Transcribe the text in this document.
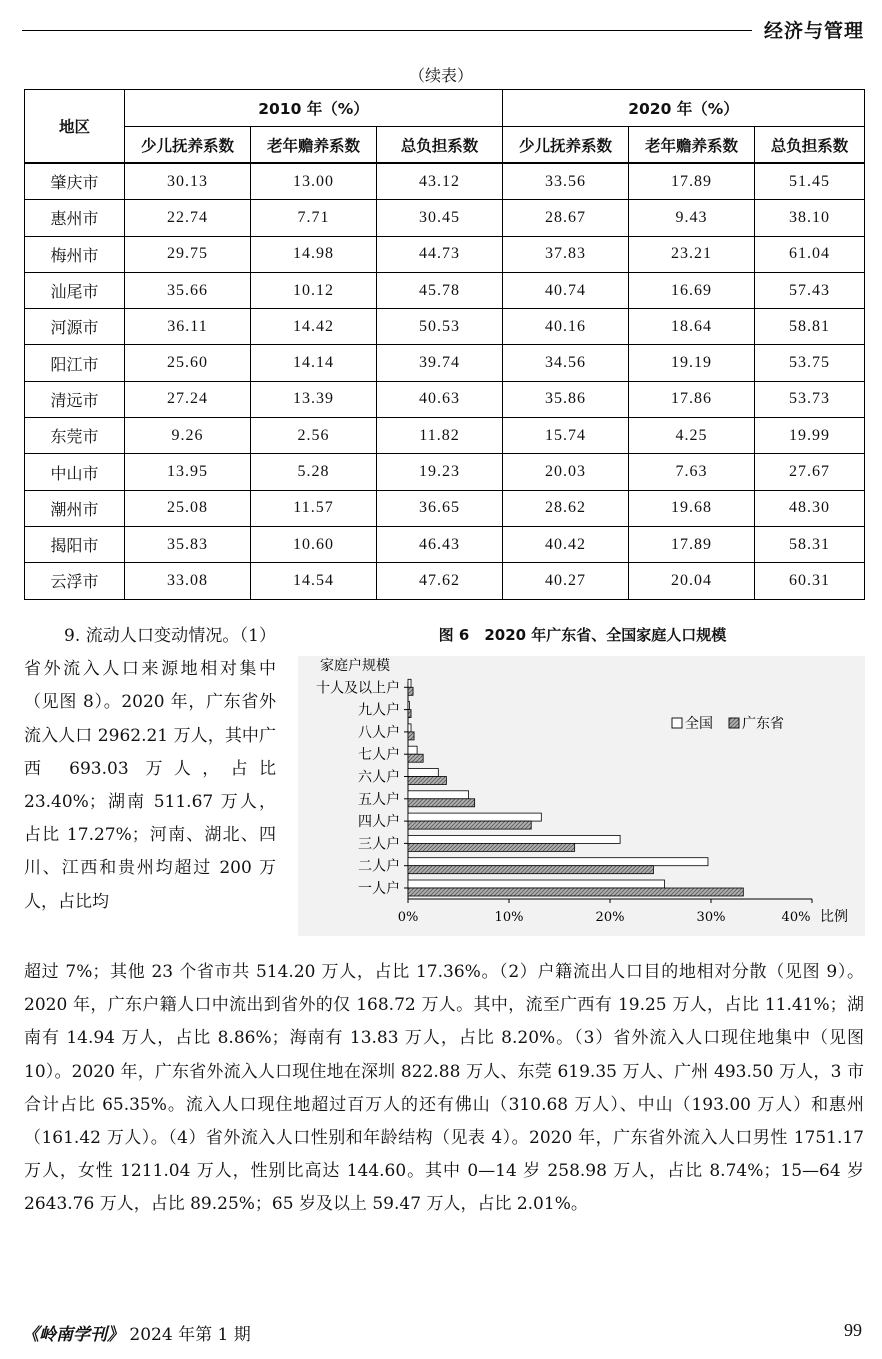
经济与管理
（续表）
地区	2010 年（%）			2020 年（%）		
	少儿抚养系数	老年赡养系数	总负担系数	少儿抚养系数	老年赡养系数	总负担系数
肇庆市	30.13	13.00	43.12	33.56	17.89	51.45
惠州市	22.74	7.71	30.45	28.67	9.43	38.10
梅州市	29.75	14.98	44.73	37.83	23.21	61.04
汕尾市	35.66	10.12	45.78	40.74	16.69	57.43
河源市	36.11	14.42	50.53	40.16	18.64	58.81
阳江市	25.60	14.14	39.74	34.56	19.19	53.75
清远市	27.24	13.39	40.63	35.86	17.86	53.73
东莞市	9.26	2.56	11.82	15.74	4.25	19.99
中山市	13.95	5.28	19.23	20.03	7.63	27.67
潮州市	25.08	11.57	36.65	28.62	19.68	48.30
揭阳市	35.83	10.60	46.43	40.42	17.89	58.31
云浮市	33.08	14.54	47.62	40.27	20.04	60.31
9. 流动人口变动情况。（1）省外流入人口来源地相对集中（见图 8）。2020 年，广东省外流入人口 2962.21 万人，其中广西 693.03 万人，占比 23.40%；湖南 511.67 万人，占比 17.27%；河南、湖北、四川、江西和贵州均超过 200 万人，占比均
图 6　2020 年广东省、全国家庭人口规模
家庭户规模
一人户
二人户
三人户
四人户
五人户
六人户
七人户
八人户
九人户
十人及以上户
0%	10%	20%	30%	40% 比例
全国 广东省
超过 7%；其他 23 个省市共 514.20 万人，占比 17.36%。（2）户籍流出人口目的地相对分散（见图 9）。2020 年，广东户籍人口中流出到省外的仅 168.72 万人。其中，流至广西有 19.25 万人，占比 11.41%；湖南有 14.94 万人，占比 8.86%；海南有 13.83 万人，占比 8.20%。（3）省外流入人口现住地集中（见图 10）。2020 年，广东省外流入人口现住地在深圳 822.88 万人、东莞 619.35 万人、广州 493.50 万人，3 市合计占比 65.35%。流入人口现住地超过百万人的还有佛山（310.68 万人）、中山（193.00 万人）和惠州（161.42 万人）。（4）省外流入人口性别和年龄结构（见表 4）。2020 年，广东省外流入人口男性 1751.17 万人，女性 1211.04 万人，性别比高达 144.60。其中 0—14 岁 258.98 万人，占比 8.74%；15—64 岁 2643.76 万人，占比 89.25%；65 岁及以上 59.47 万人，占比 2.01%。
《岭南学刊》 2024 年第 1 期	99
